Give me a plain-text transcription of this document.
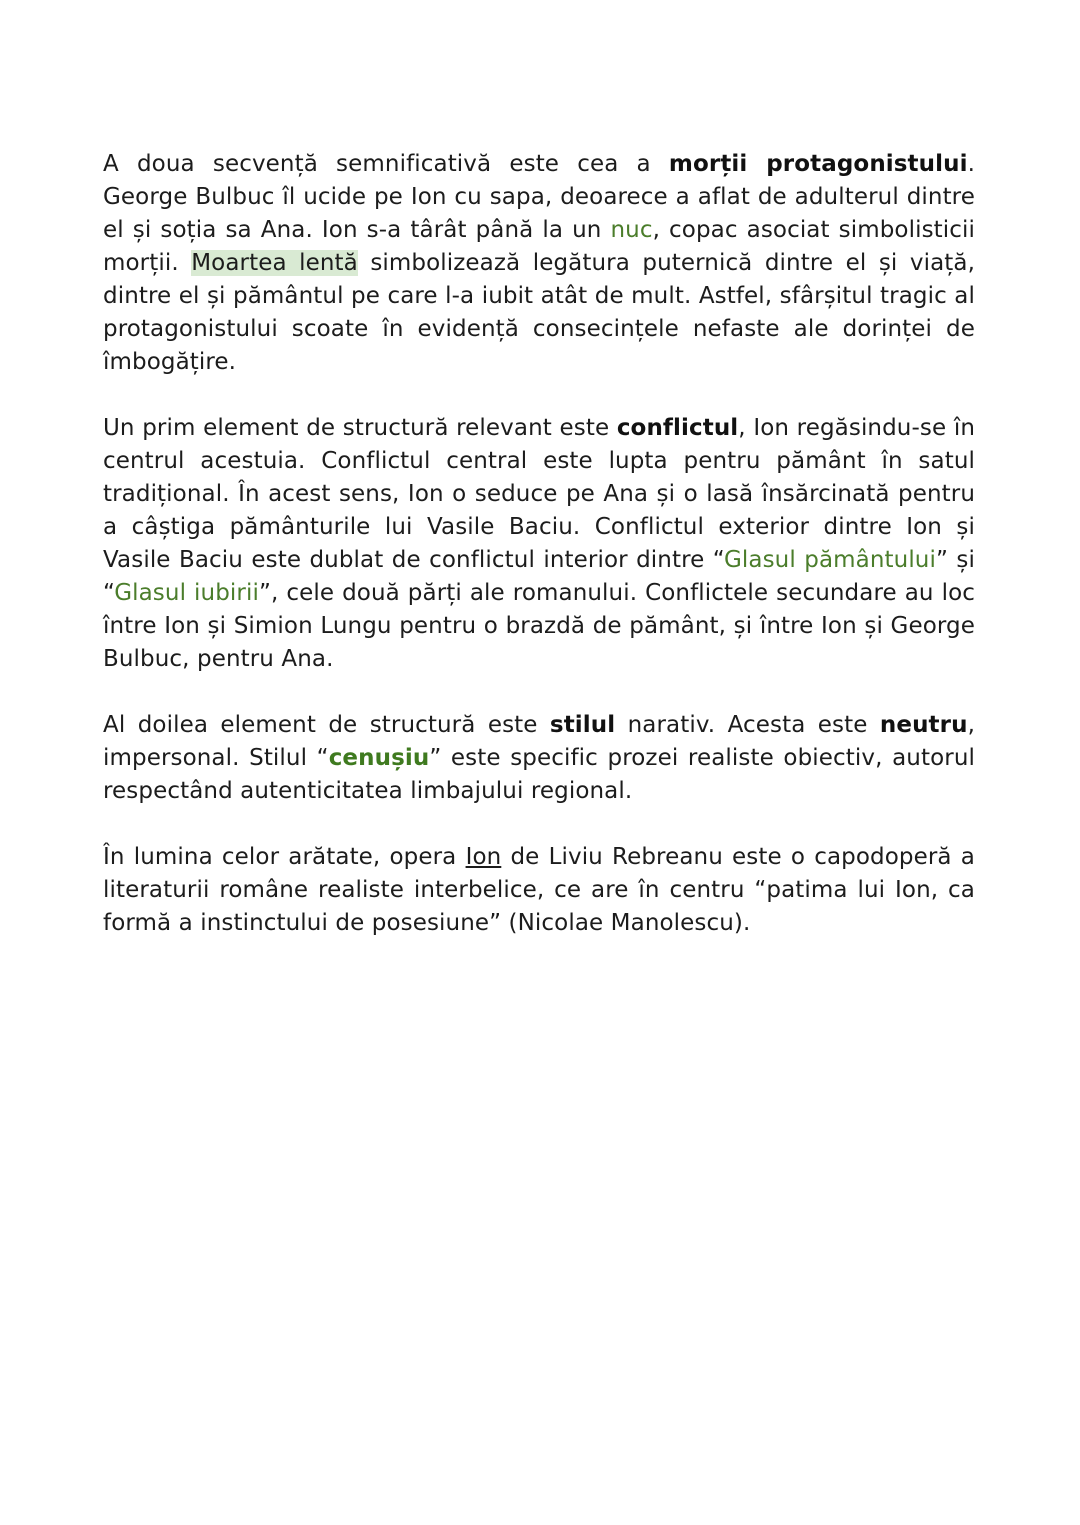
A doua secvență semnificativă este cea a morții protagonistului. George Bulbuc îl ucide pe Ion cu sapa, deoarece a aflat de adulterul dintre el și soția sa Ana. Ion s-a târât până la un nuc, copac asociat simbolisticii morții. Moartea lentă simbolizează legătura puternică dintre el și viață, dintre el și pământul pe care l-a iubit atât de mult. Astfel, sfârșitul tragic al protagonistului scoate în evidență consecințele nefaste ale dorinței de îmbogățire.

Un prim element de structură relevant este conflictul, Ion regăsindu-se în centrul acestuia. Conflictul central este lupta pentru pământ în satul tradițional. În acest sens, Ion o seduce pe Ana și o lasă însărcinată pentru a câștiga pământurile lui Vasile Baciu. Conflictul exterior dintre Ion și Vasile Baciu este dublat de conflictul interior dintre “Glasul pământului” și “Glasul iubirii”, cele două părți ale romanului. Conflictele secundare au loc între Ion și Simion Lungu pentru o brazdă de pământ, și între Ion și George Bulbuc, pentru Ana.

Al doilea element de structură este stilul narativ. Acesta este neutru, impersonal. Stilul “cenușiu” este specific prozei realiste obiectiv, autorul respectând autenticitatea limbajului regional.

În lumina celor arătate, opera Ion de Liviu Rebreanu este o capodoperă a literaturii române realiste interbelice, ce are în centru “patima lui Ion, ca formă a instinctului de posesiune” (Nicolae Manolescu).
